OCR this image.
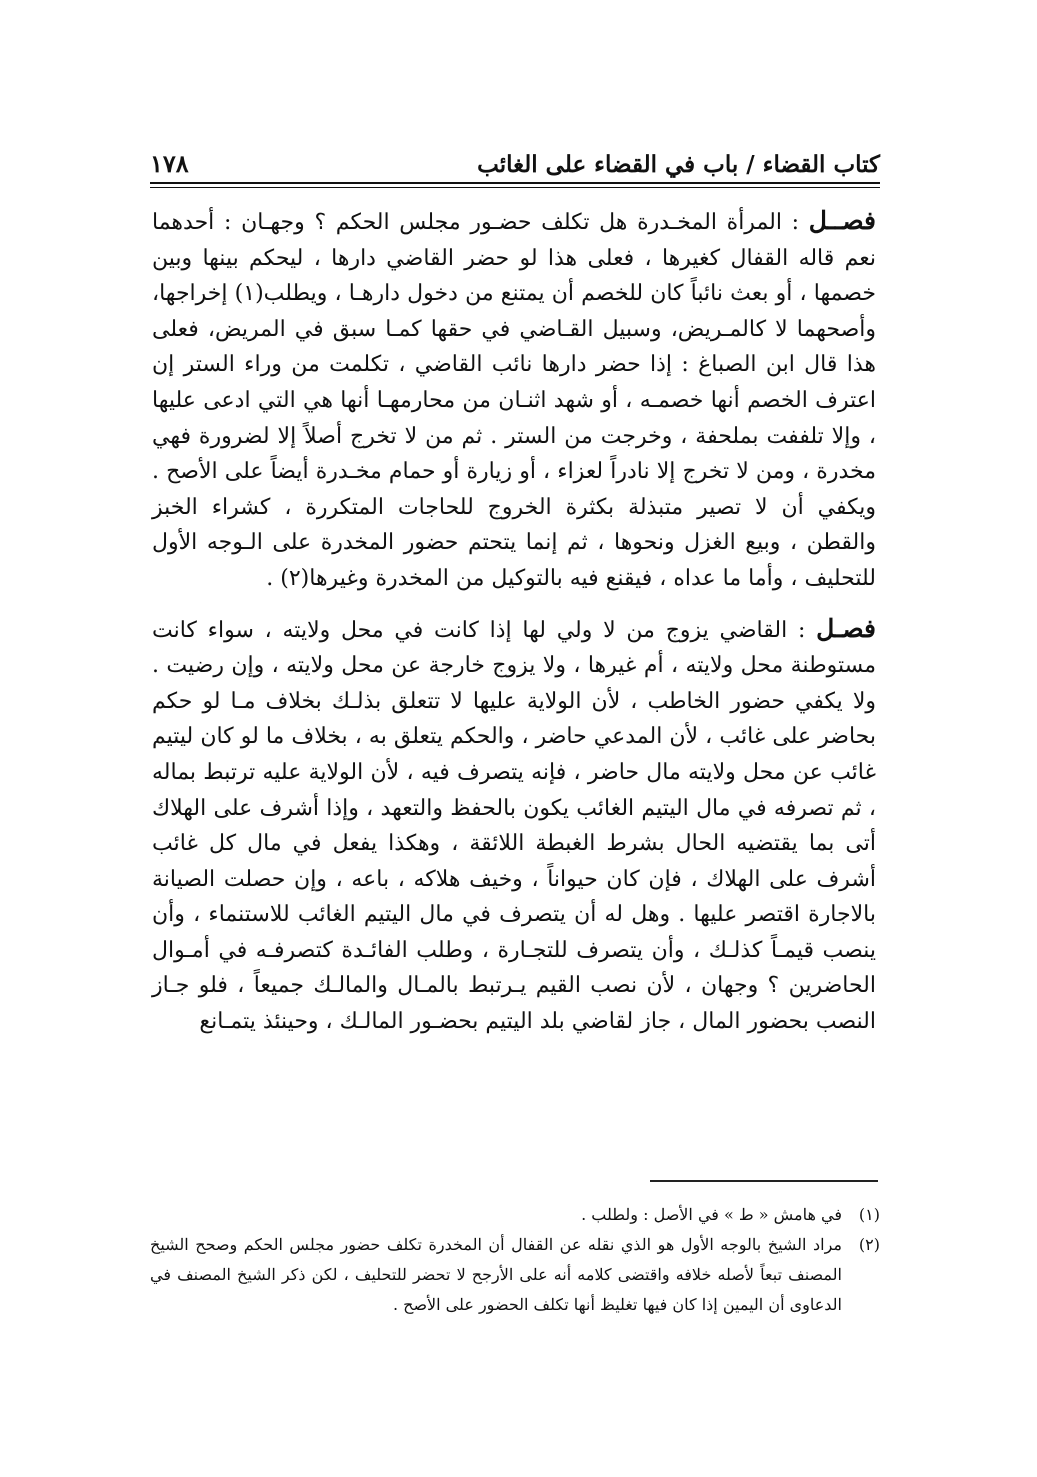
كتاب القضاء / باب في القضاء على الغائب
١٧٨

فصــل : المرأة المخـدرة هل تكلف حضـور مجلس الحكم ؟ وجهـان : أحدهما نعم قاله القفال كغيرها ، فعلى هذا لو حضر القاضي دارها ، ليحكم بينها وبين خصمها ، أو بعث نائباً كان للخصم أن يمتنع من دخول دارهـا ، ويطلب(١) إخراجها، وأصحهما لا كالمـريض، وسبيل القـاضي في حقها كمـا سبق في المريض، فعلى هذا قال ابن الصباغ : إذا حضر دارها نائب القاضي ، تكلمت من وراء الستر إن اعترف الخصم أنها خصمـه ، أو شهد اثنـان من محارمهـا أنها هي التي ادعى عليها ، وإلا تلففت بملحفة ، وخرجت من الستر . ثم من لا تخرج أصلاً إلا لضرورة فهي مخدرة ، ومن لا تخرج إلا نادراً لعزاء ، أو زيارة أو حمام مخـدرة أيضاً على الأصح . ويكفي أن لا تصير متبذلة بكثرة الخروج للحاجات المتكررة ، كشراء الخبز والقطن ، وبيع الغزل ونحوها ، ثم إنما يتحتم حضور المخدرة على الـوجه الأول للتحليف ، وأما ما عداه ، فيقنع فيه بالتوكيل من المخدرة وغيرها(٢) .

فصـل : القاضي يزوج من لا ولي لها إذا كانت في محل ولايته ، سواء كانت مستوطنة محل ولايته ، أم غيرها ، ولا يزوج خارجة عن محل ولايته ، وإن رضيت . ولا يكفي حضور الخاطب ، لأن الولاية عليها لا تتعلق بذلـك بخلاف مـا لو حكم بحاضر على غائب ، لأن المدعي حاضر ، والحكم يتعلق به ، بخلاف ما لو كان ليتيم غائب عن محل ولايته مال حاضر ، فإنه يتصرف فيه ، لأن الولاية عليه ترتبط بماله ، ثم تصرفه في مال اليتيم الغائب يكون بالحفظ والتعهد ، وإذا أشرف على الهلاك أتى بما يقتضيه الحال بشرط الغبطة اللائقة ، وهكذا يفعل في مال كل غائب أشرف على الهلاك ، فإن كان حيواناً ، وخيف هلاكه ، باعه ، وإن حصلت الصيانة بالاجارة اقتصر عليها . وهل له أن يتصرف في مال اليتيم الغائب للاستنماء ، وأن ينصب قيمـاً كذلـك ، وأن يتصرف للتجـارة ، وطلب الفائـدة كتصرفـه في أمـوال الحاضرين ؟ وجهان ، لأن نصب القيم يـرتبط بالمـال والمالـك جميعاً ، فلو جـاز النصب بحضور المال ، جاز لقاضي بلد اليتيم بحضـور المالـك ، وحينئذ يتمـانع

(١)
في هامش « ط » في الأصل : ولطلب .
(٢)
مراد الشيخ بالوجه الأول هو الذي نقله عن القفال أن المخدرة تكلف حضور مجلس الحكم وصحح الشيخ المصنف تبعاً لأصله خلافه واقتضى كلامه أنه على الأرجح لا تحضر للتحليف ، لكن ذكر الشيخ المصنف في الدعاوى أن اليمين إذا كان فيها تغليظ أنها تكلف الحضور على الأصح .
